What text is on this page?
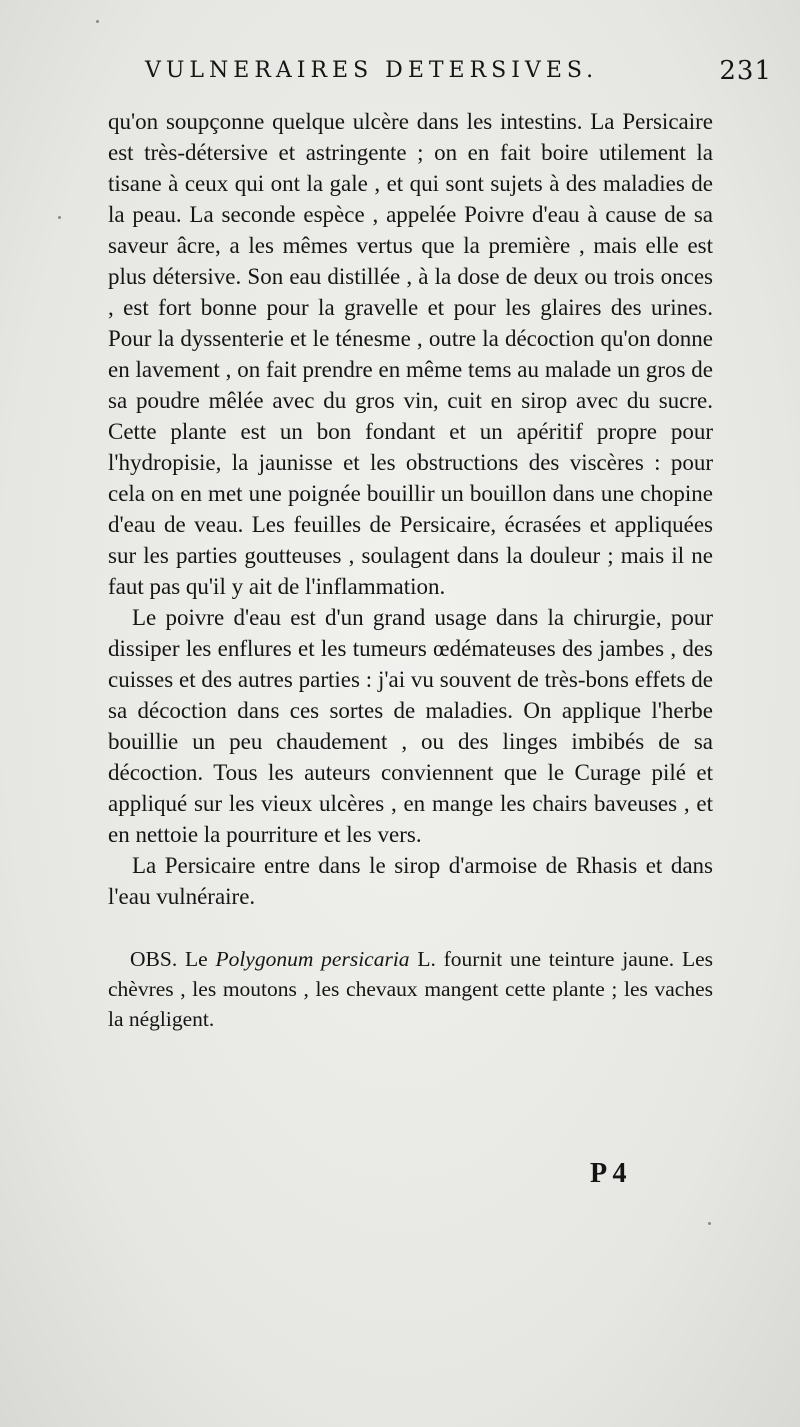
VULNERAIRES DETERSIVES.	231

qu'on soupçonne quelque ulcère dans les intestins. La Persicaire est très-détersive et astringente ; on en fait boire utilement la tisane à ceux qui ont la gale , et qui sont sujets à des maladies de la peau. La seconde espèce , appelée Poivre d'eau à cause de sa saveur âcre, a les mêmes vertus que la première , mais elle est plus détersive. Son eau distillée , à la dose de deux ou trois onces , est fort bonne pour la gravelle et pour les glaires des urines. Pour la dyssenterie et le ténesme , outre la décoction qu'on donne en lavement , on fait prendre en même tems au malade un gros de sa poudre mêlée avec du gros vin, cuit en sirop avec du sucre. Cette plante est un bon fondant et un apéritif propre pour l'hydropisie, la jaunisse et les obstructions des viscères : pour cela on en met une poignée bouillir un bouillon dans une chopine d'eau de veau. Les feuilles de Persicaire, écrasées et appliquées sur les parties goutteuses , soulagent dans la douleur ; mais il ne faut pas qu'il y ait de l'inflammation.

Le poivre d'eau est d'un grand usage dans la chirurgie, pour dissiper les enflures et les tumeurs œdémateuses des jambes , des cuisses et des autres parties : j'ai vu souvent de très-bons effets de sa décoction dans ces sortes de maladies. On applique l'herbe bouillie un peu chaudement , ou des linges imbibés de sa décoction. Tous les auteurs conviennent que le Curage pilé et appliqué sur les vieux ulcères , en mange les chairs baveuses , et en nettoie la pourriture et les vers.

La Persicaire entre dans le sirop d'armoise de Rhasis et dans l'eau vulnéraire.

OBS. Le Polygonum persicaria L. fournit une teinture jaune. Les chèvres , les moutons , les chevaux mangent cette plante ; les vaches la négligent.

P 4
